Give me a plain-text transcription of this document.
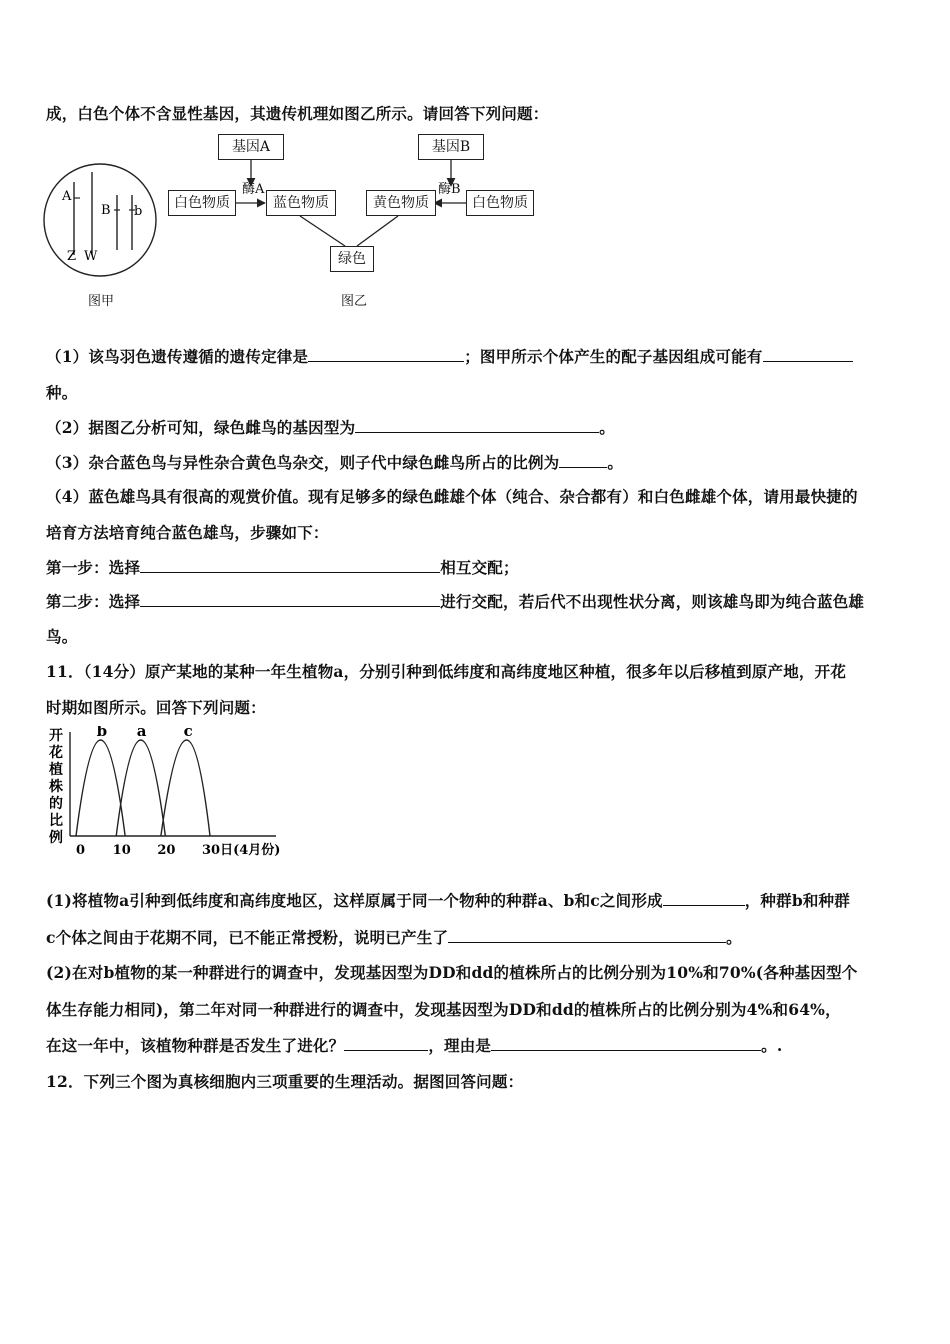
成，白色个体不含显性基因，其遗传机理如图乙所示。请回答下列问题：
A
B b
Z W
图甲
基因A	基因B
酶A	酶B
白色物质	蓝色物质	黄色物质	白色物质
绿色
图乙
（1）该鸟羽色遗传遵循的遗传定律是	；图甲所示个体产生的配子基因组成可能有
种。
（2）据图乙分析可知，绿色雌鸟的基因型为	。
（3）杂合蓝色鸟与异性杂合黄色鸟杂交，则子代中绿色雌鸟所占的比例为	。
（4）蓝色雄鸟具有很高的观赏价值。现有足够多的绿色雌雄个体（纯合、杂合都有）和白色雌雄个体，请用最快捷的
培育方法培育纯合蓝色雄鸟，步骤如下：
第一步：选择	相互交配；
第二步：选择	进行交配，若后代不出现性状分离，则该雄鸟即为纯合蓝色雄
鸟。
11．（14分）原产某地的某种一年生植物a，分别引种到低纬度和高纬度地区种植，很多年以后移植到原产地，开花
时期如图所示。回答下列问题：
开
花
植
株
的
比
例
b a c
0 10 20 30日(4月份)
(1)将植物a引种到低纬度和高纬度地区，这样原属于同一个物种的种群a、b和c之间形成	，种群b和种群
c个体之间由于花期不同，已不能正常授粉，说明已产生了	。
(2)在对b植物的某一种群进行的调查中，发现基因型为DD和dd的植株所占的比例分别为10%和70%(各种基因型个
体生存能力相同)，第二年对同一种群进行的调查中，发现基因型为DD和dd的植株所占的比例分别为4%和64%，
在这一年中，该植物种群是否发生了进化？	，理由是	。.
12．下列三个图为真核细胞内三项重要的生理活动。据图回答问题：
